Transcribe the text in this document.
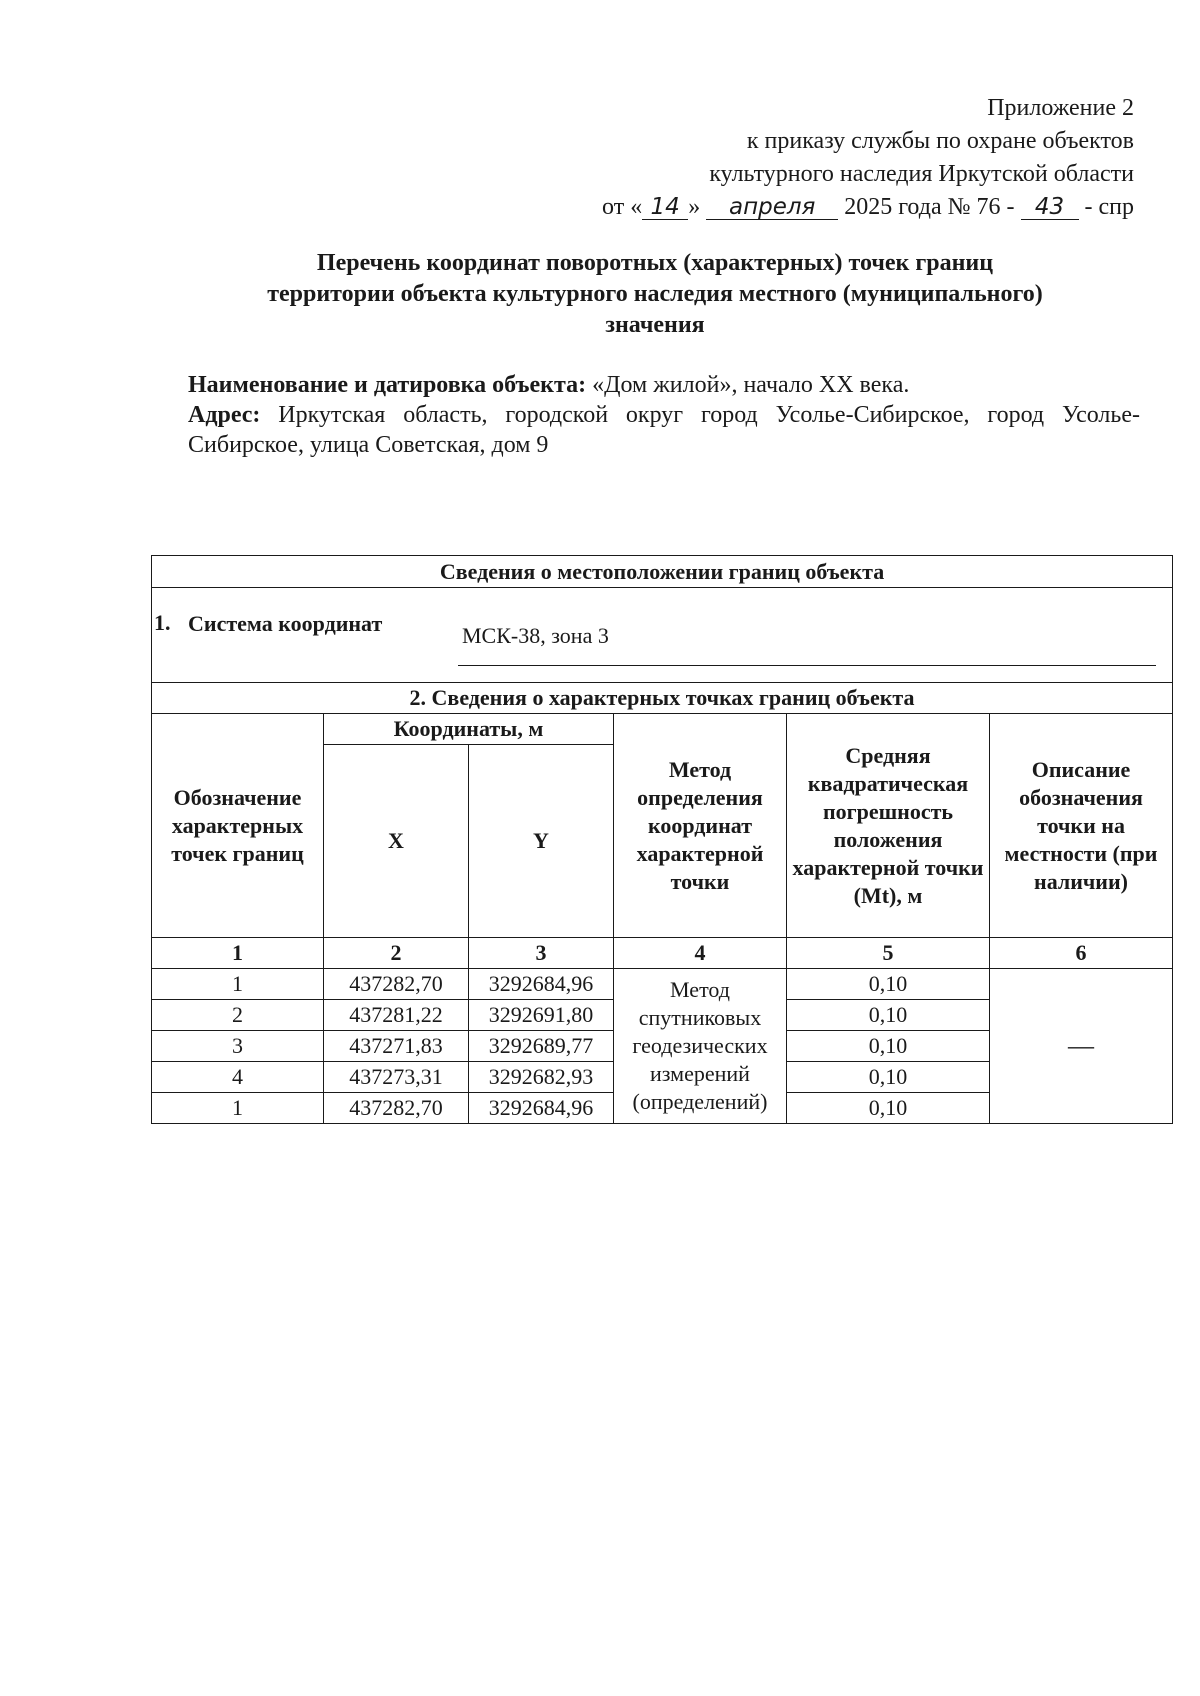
Приложение 2
к приказу службы по охране объектов
культурного наследия Иркутской области
от « 14 » апреля 2025 года № 76 - 43 - спр
Перечень координат поворотных (характерных) точек границ
территории объекта культурного наследия местного (муниципального)
значения

Наименование и датировка объекта: «Дом жилой», начало XX века.

Адрес: Иркутская область, городской округ город Усолье-Сибирское, город Усолье-Сибирское, улица Советская, дом 9

Сведения о местоположении границ объекта					

1. Система координат МСК-38, зона 3					

2. Сведения о характерных точках границ объекта					
Обозначение характерных точек границ	Координаты, м		Метод определения координат характерной точки	Средняя квадратическая погрешность положения характерной точки (Mt), м	Описание обозначения точки на местности (при наличии)
	X	Y			
1	2	3	4	5	6
1	437282,70	3292684,96	Метод спутниковых геодезических измерений (определений)	0,10	—
2	437281,22	3292691,80		0,10	
3	437271,83	3292689,77		0,10	
4	437273,31	3292682,93		0,10	
1	437282,70	3292684,96		0,10	
